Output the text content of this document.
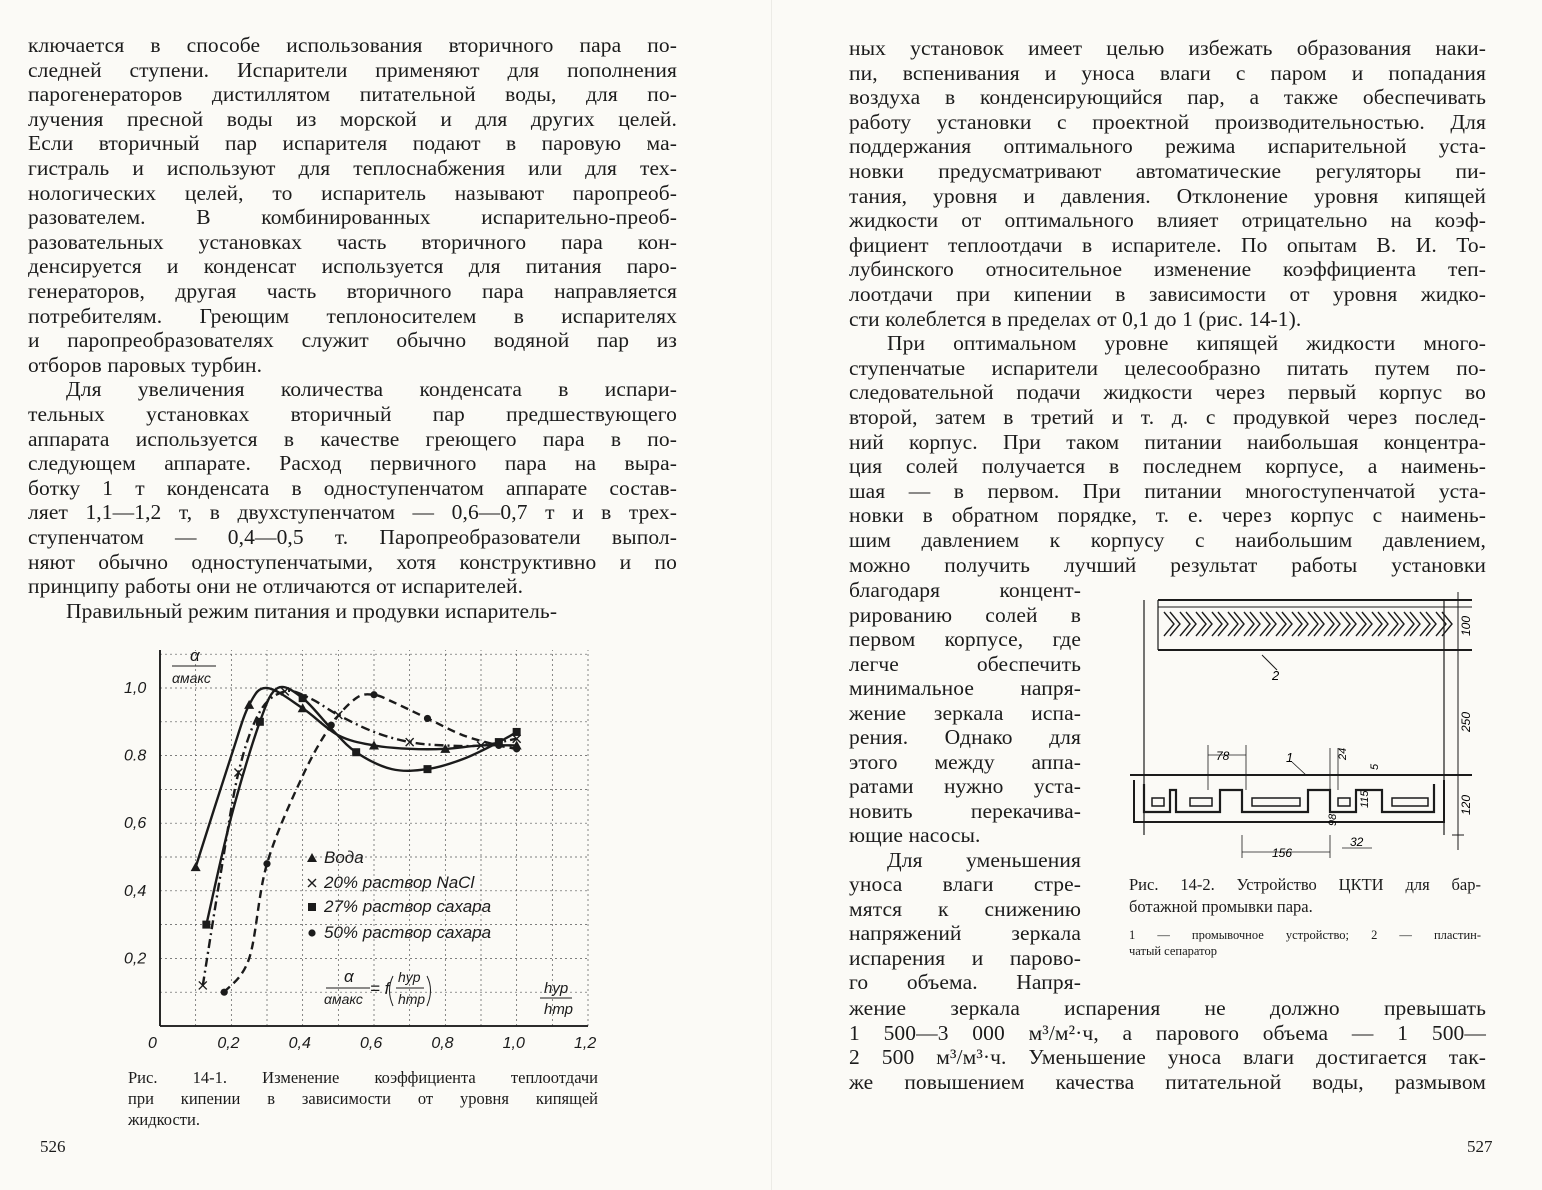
ключается в способе использования вторичного пара по-
следней ступени. Испарители применяют для пополнения
парогенераторов дистиллятом питательной воды, для по-
лучения пресной воды из морской и для других целей.
Если вторичный пар испарителя подают в паровую ма-
гистраль и используют для теплоснабжения или для тех-
нологических целей, то испаритель называют паропреоб-
разователем. В комбинированных испарительно-преоб-
разовательных установках часть вторичного пара кон-
денсируется и конденсат используется для питания паро-
генераторов, другая часть вторичного пара направляется
потребителям. Греющим теплоносителем в испарителях
и паропреобразователях служит обычно водяной пар из
отборов паровых турбин.
Для увеличения количества конденсата в испари-
тельных установках вторичный пар предшествующего
аппарата используется в качестве греющего пара в по-
следующем аппарате. Расход первичного пара на выра-
ботку 1 т конденсата в одноступенчатом аппарате состав-
ляет 1,1—1,2 т, в двухступенчатом — 0,6—0,7 т и в трех-
ступенчатом — 0,4—0,5 т. Паропреобразователи выпол-
няют обычно одноступенчатыми, хотя конструктивно и по
принципу работы они не отличаются от испарителей.
Правильный режим питания и продувки испаритель-
0,2	0,4	0,6	0,8	1,0	1,2
0,2
0,4
0,6
0.8
1,0
0
α
αмакс
hур
hтр
α
αмакс
= f
hур
hтр
Вода
20% раствор NaCl
27% раствор сахара
50% раствор сахара
Рис. 14-1. Изменение коэффициента теплоотдачи
при кипении в зависимости от уровня кипящей
жидкости.
526
ных установок имеет целью избежать образования наки-
пи, вспенивания и уноса влаги с паром и попадания
воздуха в конденсирующийся пар, а также обеспечивать
работу установки с проектной производительностью. Для
поддержания оптимального режима испарительной уста-
новки предусматривают автоматические регуляторы пи-
тания, уровня и давления. Отклонение уровня кипящей
жидкости от оптимального влияет отрицательно на коэф-
фициент теплоотдачи в испарителе. По опытам В. И. То-
лубинского относительное изменение коэффициента теп-
лоотдачи при кипении в зависимости от уровня жидко-
сти колеблется в пределах от 0,1 до 1 (рис. 14-1).
При оптимальном уровне кипящей жидкости много-
ступенчатые испарители целесообразно питать путем по-
следовательной подачи жидкости через первый корпус во
второй, затем в третий и т. д. с продувкой через послед-
ний корпус. При таком питании наибольшая концентра-
ция солей получается в последнем корпусе, а наимень-
шая — в первом. При питании многоступенчатой уста-
новки в обратном порядке, т. е. через корпус с наимень-
шим давлением к корпусу с наибольшим давлением,
можно получить лучший результат работы установки
благодаря концент-
рированию солей в
первом корпусе, где
легче обеспечить
минимальное напря-
жение зеркала испа-
рения. Однако для
этого между аппа-
ратами нужно уста-
новить перекачива-
ющие насосы.
Для уменьшения
уноса влаги стре-
мятся к снижению
напряжений зеркала
испарения и парово-
го объема. Напря-
жение зеркала испарения не должно превышать
1 500—3 000 м³/м²·ч, а парового объема — 1 500—
2 500 м³/м³·ч. Уменьшение уноса влаги достигается так-
же повышением качества питательной воды, размывом
2
100
250
120
78	1	24
5
115
98
32
156
Рис. 14-2. Устройство ЦКТИ для бар-
ботажной промывки пара.
1 — промывочное устройство; 2 — пластин-
чатый сепаратор
527
